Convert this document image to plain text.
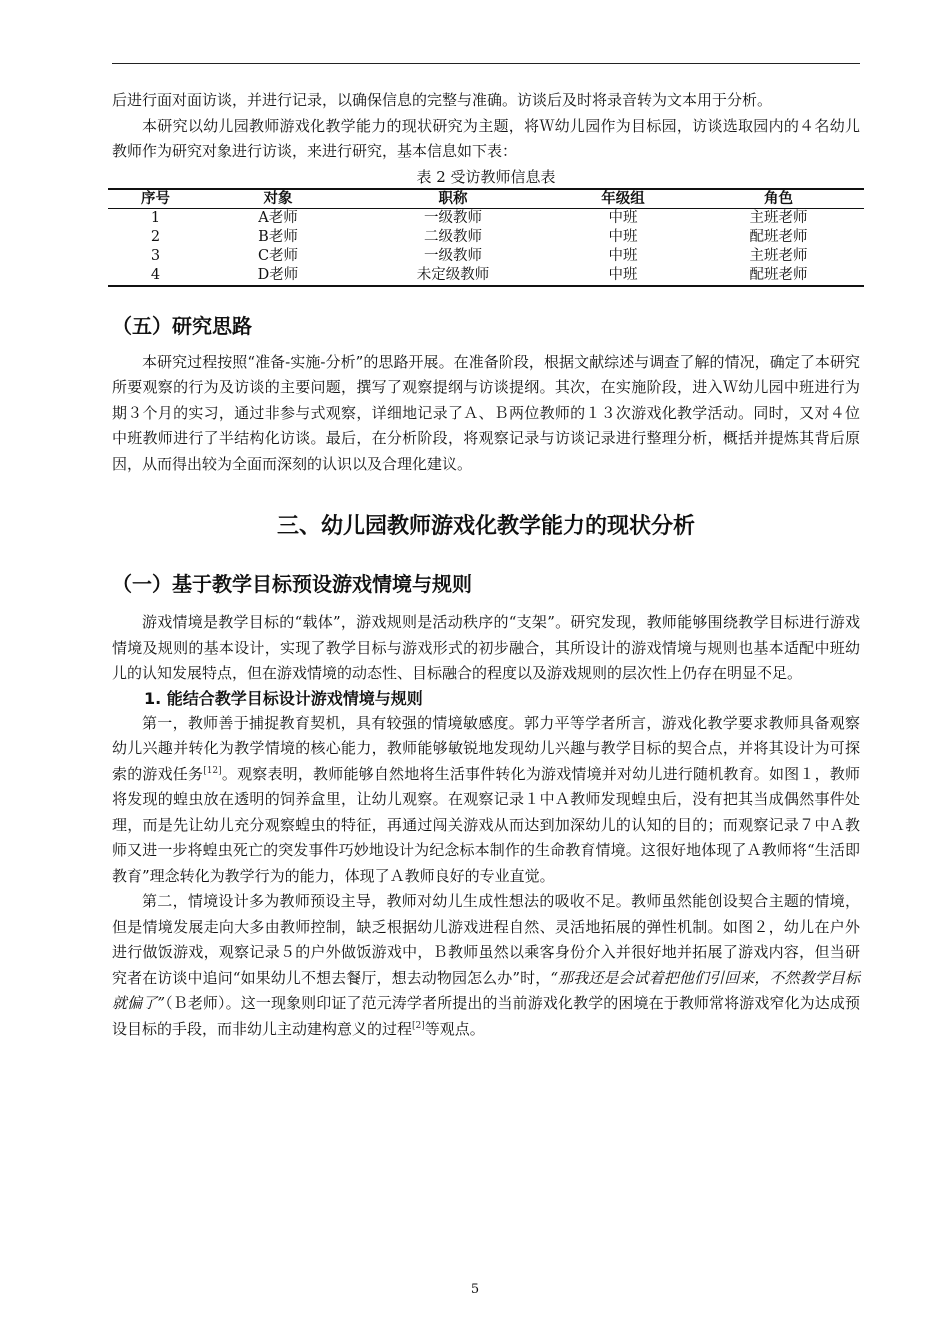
后进行面对面访谈，并进行记录，以确保信息的完整与准确。访谈后及时将录音转为文本用于分析。

本研究以幼儿园教师游戏化教学能力的现状研究为主题，将Ｗ幼儿园作为目标园，访谈选取园内的４名幼儿教师作为研究对象进行访谈，来进行研究，基本信息如下表：

表 2 受访教师信息表
序号	对象	职称	年级组	角色
1	A老师	一级教师	中班	主班老师
2	B老师	二级教师	中班	配班老师
3	C老师	一级教师	中班	主班老师
4	D老师	未定级教师	中班	配班老师
（五）研究思路

本研究过程按照“准备-实施-分析”的思路开展。在准备阶段，根据文献综述与调查了解的情况，确定了本研究所要观察的行为及访谈的主要问题，撰写了观察提纲与访谈提纲。其次，在实施阶段，进入Ｗ幼儿园中班进行为期３个月的实习，通过非参与式观察，详细地记录了Ａ、Ｂ两位教师的１３次游戏化教学活动。同时，又对４位中班教师进行了半结构化访谈。最后，在分析阶段，将观察记录与访谈记录进行整理分析，概括并提炼其背后原因，从而得出较为全面而深刻的认识以及合理化建议。

三、幼儿园教师游戏化教学能力的现状分析
（一）基于教学目标预设游戏情境与规则

游戏情境是教学目标的“载体”，游戏规则是活动秩序的“支架”。研究发现，教师能够围绕教学目标进行游戏情境及规则的基本设计，实现了教学目标与游戏形式的初步融合，其所设计的游戏情境与规则也基本适配中班幼儿的认知发展特点，但在游戏情境的动态性、目标融合的程度以及游戏规则的层次性上仍存在明显不足。

1. 能结合教学目标设计游戏情境与规则

第一，教师善于捕捉教育契机，具有较强的情境敏感度。郭力平等学者所言，游戏化教学要求教师具备观察幼儿兴趣并转化为教学情境的核心能力，教师能够敏锐地发现幼儿兴趣与教学目标的契合点，并将其设计为可探索的游戏任务[12]。观察表明，教师能够自然地将生活事件转化为游戏情境并对幼儿进行随机教育。如图１，教师将发现的蝗虫放在透明的饲养盒里，让幼儿观察。在观察记录１中Ａ教师发现蝗虫后，没有把其当成偶然事件处理，而是先让幼儿充分观察蝗虫的特征，再通过闯关游戏从而达到加深幼儿的认知的目的；而观察记录７中Ａ教师又进一步将蝗虫死亡的突发事件巧妙地设计为纪念标本制作的生命教育情境。这很好地体现了Ａ教师将“生活即教育”理念转化为教学行为的能力，体现了Ａ教师良好的专业直觉。

第二，情境设计多为教师预设主导，教师对幼儿生成性想法的吸收不足。教师虽然能创设契合主题的情境，但是情境发展走向大多由教师控制，缺乏根据幼儿游戏进程自然、灵活地拓展的弹性机制。如图２，幼儿在户外进行做饭游戏，观察记录５的户外做饭游戏中，Ｂ教师虽然以乘客身份介入并很好地并拓展了游戏内容，但当研究者在访谈中追问“如果幼儿不想去餐厅，想去动物园怎么办”时，“那我还是会试着把他们引回来，不然教学目标就偏了”（Ｂ老师）。这一现象则印证了范元涛学者所提出的当前游戏化教学的困境在于教师常将游戏窄化为达成预设目标的手段，而非幼儿主动建构意义的过程[2]等观点。

5
